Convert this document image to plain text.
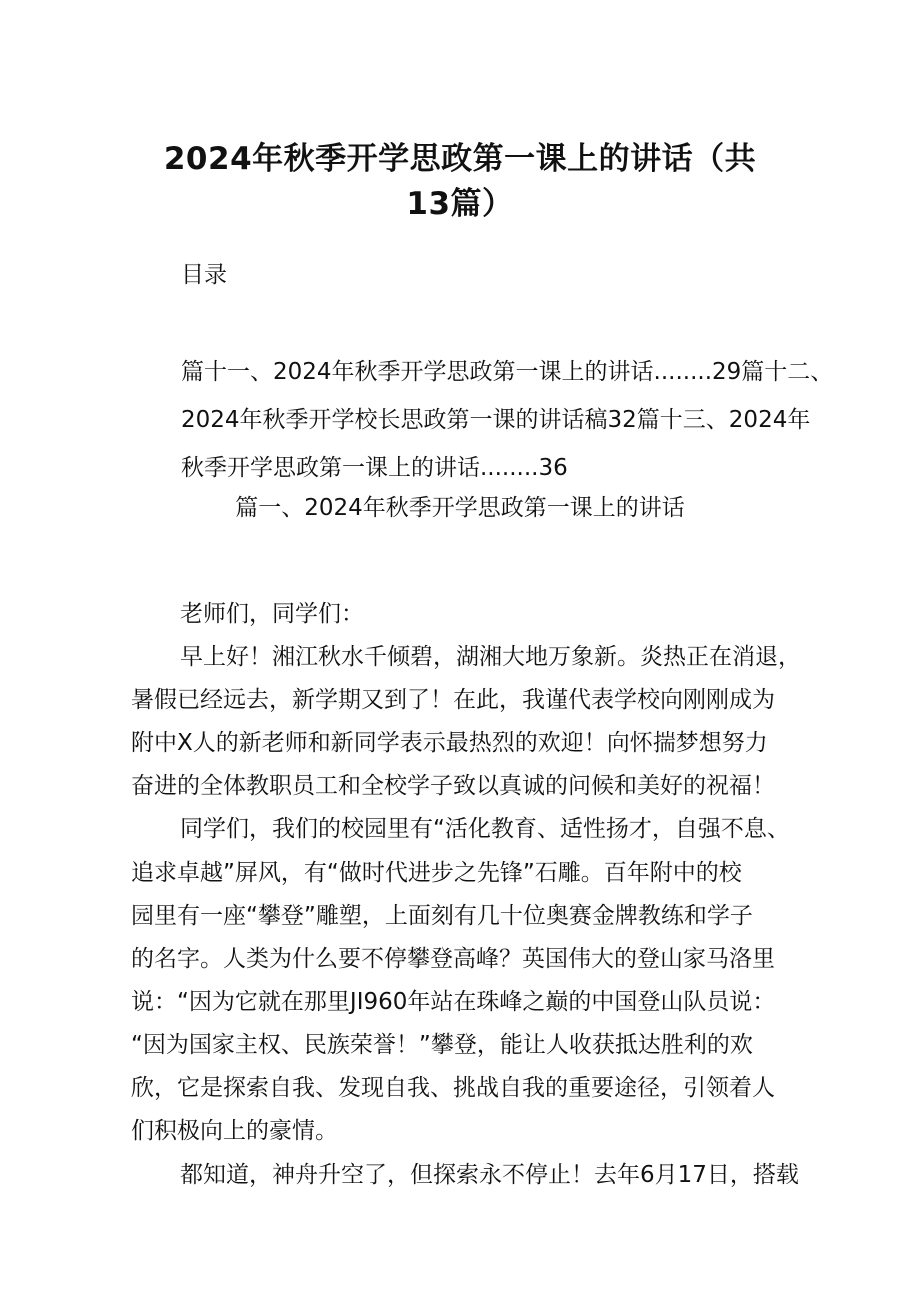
2024年秋季开学思政第一课上的讲话（共
13篇）
目录
篇十一、2024年秋季开学思政第一课上的讲话........29篇十二、
2024年秋季开学校长思政第一课的讲话稿32篇十三、2024年
秋季开学思政第一课上的讲话........36
篇一、2024年秋季开学思政第一课上的讲话
老师们，同学们：
早上好！湘江秋水千倾碧，湖湘大地万象新。炎热正在消退，
暑假已经远去，新学期又到了！在此，我谨代表学校向刚刚成为
附中X人的新老师和新同学表示最热烈的欢迎！向怀揣梦想努力
奋进的全体教职员工和全校学子致以真诚的问候和美好的祝福！
同学们，我们的校园里有“活化教育、适性扬才，自强不息、
追求卓越”屏风，有“做时代进步之先锋”石雕。百年附中的校
园里有一座“攀登”雕塑，上面刻有几十位奥赛金牌教练和学子
的名字。人类为什么要不停攀登高峰？英国伟大的登山家马洛里
说：“因为它就在那里JI960年站在珠峰之巅的中国登山队员说：
“因为国家主权、民族荣誉！”攀登，能让人收获抵达胜利的欢
欣，它是探索自我、发现自我、挑战自我的重要途径，引领着人
们积极向上的豪情。
都知道，神舟升空了，但探索永不停止！去年6月17日，搭载
